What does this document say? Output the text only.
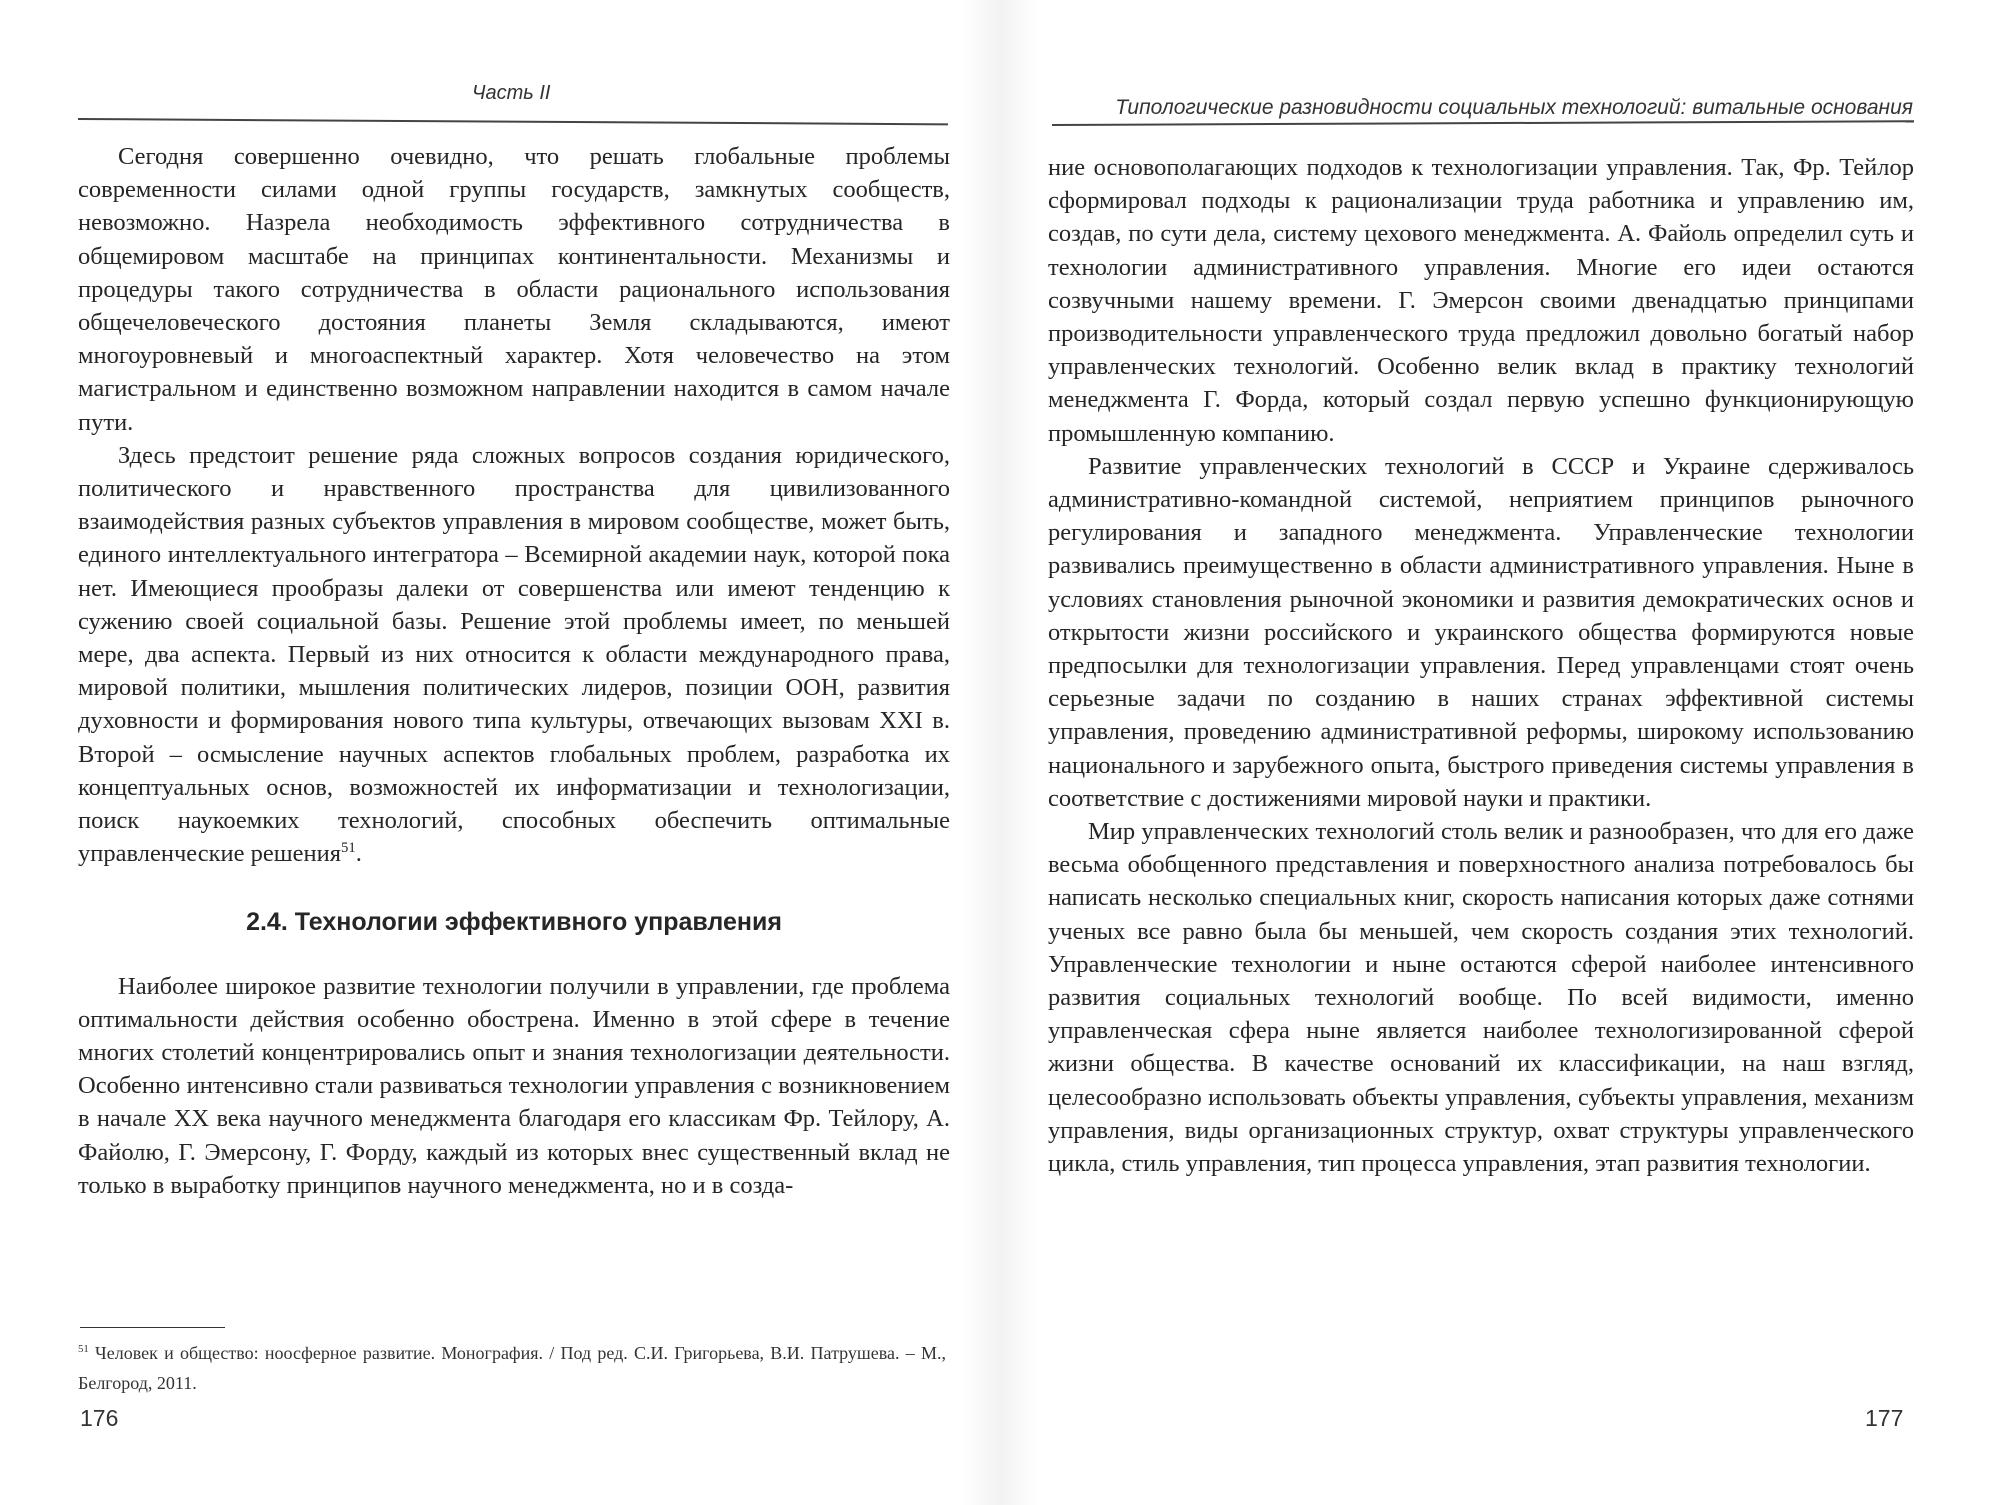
Часть II

Сегодня совершенно очевидно, что решать глобальные проблемы современности силами одной группы государств, замкнутых сообществ, невозможно. Назрела необходимость эффективного сотрудничества в общемировом масштабе на принципах континентальности. Механизмы и процедуры такого сотрудничества в области рационального использования общечеловеческого достояния планеты Земля складываются, имеют многоуровневый и многоаспектный характер. Хотя человечество на этом магистральном и единственно возможном направлении находится в самом начале пути.

Здесь предстоит решение ряда сложных вопросов создания юридического, политического и нравственного пространства для цивилизованного взаимодействия разных субъектов управления в мировом сообществе, может быть, единого интеллектуального интегратора – Всемирной академии наук, которой пока нет. Имеющиеся прообразы далеки от совершенства или имеют тенденцию к сужению своей социальной базы. Решение этой проблемы имеет, по меньшей мере, два аспекта. Первый из них относится к области международного права, мировой политики, мышления политических лидеров, позиции ООН, развития духовности и формирования нового типа культуры, отвечающих вызовам XXI в. Второй – осмысление научных аспектов глобальных проблем, разработка их концептуальных основ, возможностей их информатизации и технологизации, поиск наукоемких технологий, способных обеспечить оптимальные управленческие решения$^{51}$.

2.4. Технологии эффективного управления

Наиболее широкое развитие технологии получили в управлении, где проблема оптимальности действия особенно обострена. Именно в этой сфере в течение многих столетий концентрировались опыт и знания технологизации деятельности. Особенно интенсивно стали развиваться технологии управления с возникновением в начале XX века научного менеджмента благодаря его классикам Фр. Тейлору, А. Файолю, Г. Эмерсону, Г. Форду, каждый из которых внес существенный вклад не только в выработку принципов научного менеджмента, но и в созда-

$^{51}$ Человек и общество: ноосферное развитие. Монография. / Под ред. С.И. Григорьева, В.И. Патрушева. – М., Белгород, 2011.
176
Типологические разновидности социальных технологий: витальные основания

ние основополагающих подходов к технологизации управления. Так, Фр. Тейлор сформировал подходы к рационализации труда работника и управлению им, создав, по сути дела, систему цехового менеджмента. А. Файоль определил суть и технологии административного управления. Многие его идеи остаются созвучными нашему времени. Г. Эмерсон своими двенадцатью принципами производительности управленческого труда предложил довольно богатый набор управленческих технологий. Особенно велик вклад в практику технологий менеджмента Г. Форда, который создал первую успешно функционирующую промышленную компанию.

Развитие управленческих технологий в СССР и Украине сдерживалось административно-командной системой, неприятием принципов рыночного регулирования и западного менеджмента. Управленческие технологии развивались преимущественно в области административного управления. Ныне в условиях становления рыночной экономики и развития демократических основ и открытости жизни российского и украинского общества формируются новые предпосылки для технологизации управления. Перед управленцами стоят очень серьезные задачи по созданию в наших странах эффективной системы управления, проведению административной реформы, широкому использованию национального и зарубежного опыта, быстрого приведения системы управления в соответствие с достижениями мировой науки и практики.

Мир управленческих технологий столь велик и разнообразен, что для его даже весьма обобщенного представления и поверхностного анализа потребовалось бы написать несколько специальных книг, скорость написания которых даже сотнями ученых все равно была бы меньшей, чем скорость создания этих технологий. Управленческие технологии и ныне остаются сферой наиболее интенсивного развития социальных технологий вообще. По всей видимости, именно управленческая сфера ныне является наиболее технологизированной сферой жизни общества. В качестве оснований их классификации, на наш взгляд, целесообразно использовать объекты управления, субъекты управления, механизм управления, виды организационных структур, охват структуры управленческого цикла, стиль управления, тип процесса управления, этап развития технологии.

177
